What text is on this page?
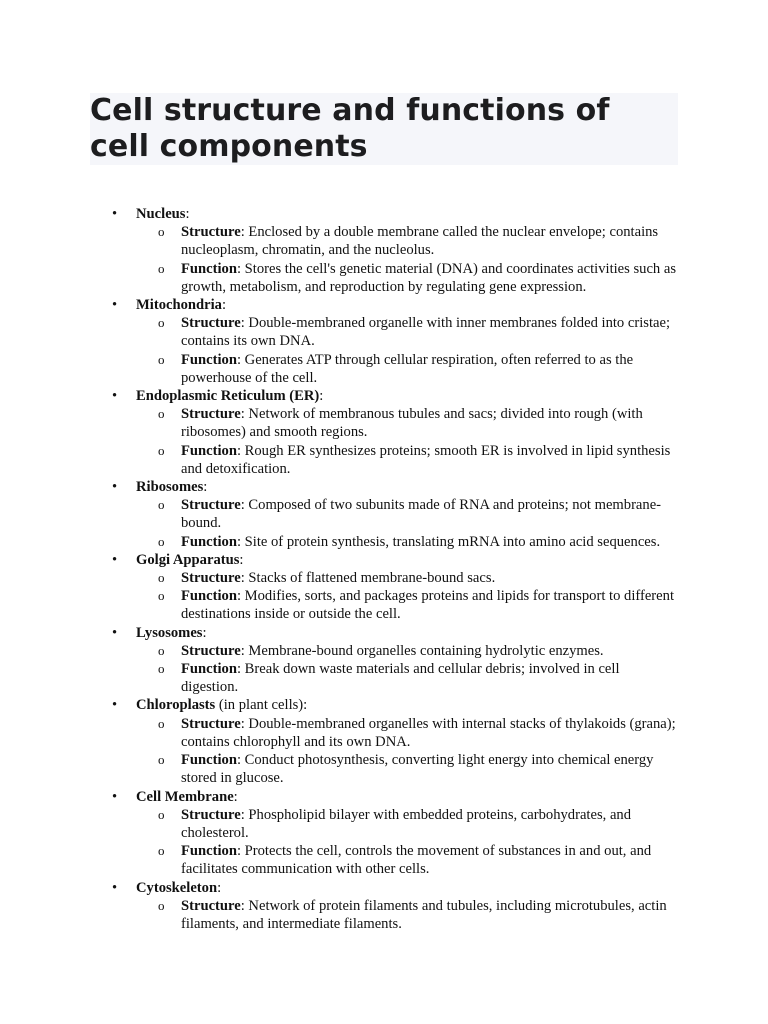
Cell structure and functions of cell components
•	Nucleus:
o Structure: Enclosed by a double membrane called the nuclear envelope; contains nucleoplasm, chromatin, and the nucleolus.
o Function: Stores the cell's genetic material (DNA) and coordinates activities such as growth, metabolism, and reproduction by regulating gene expression.
•	Mitochondria:
o Structure: Double-membraned organelle with inner membranes folded into cristae; contains its own DNA.
o Function: Generates ATP through cellular respiration, often referred to as the powerhouse of the cell.
•	Endoplasmic Reticulum (ER):
o Structure: Network of membranous tubules and sacs; divided into rough (with ribosomes) and smooth regions.
o Function: Rough ER synthesizes proteins; smooth ER is involved in lipid synthesis and detoxification.
•	Ribosomes:
o Structure: Composed of two subunits made of RNA and proteins; not membrane-bound.
o Function: Site of protein synthesis, translating mRNA into amino acid sequences.
•	Golgi Apparatus:
o Structure: Stacks of flattened membrane-bound sacs.
o Function: Modifies, sorts, and packages proteins and lipids for transport to different destinations inside or outside the cell.
•	Lysosomes:
o Structure: Membrane-bound organelles containing hydrolytic enzymes.
o Function: Break down waste materials and cellular debris; involved in cell digestion.
•	Chloroplasts (in plant cells):
o Structure: Double-membraned organelles with internal stacks of thylakoids (grana); contains chlorophyll and its own DNA.
o Function: Conduct photosynthesis, converting light energy into chemical energy stored in glucose.
•	Cell Membrane:
o Structure: Phospholipid bilayer with embedded proteins, carbohydrates, and cholesterol.
o Function: Protects the cell, controls the movement of substances in and out, and facilitates communication with other cells.
•	Cytoskeleton:
o Structure: Network of protein filaments and tubules, including microtubules, actin filaments, and intermediate filaments.
